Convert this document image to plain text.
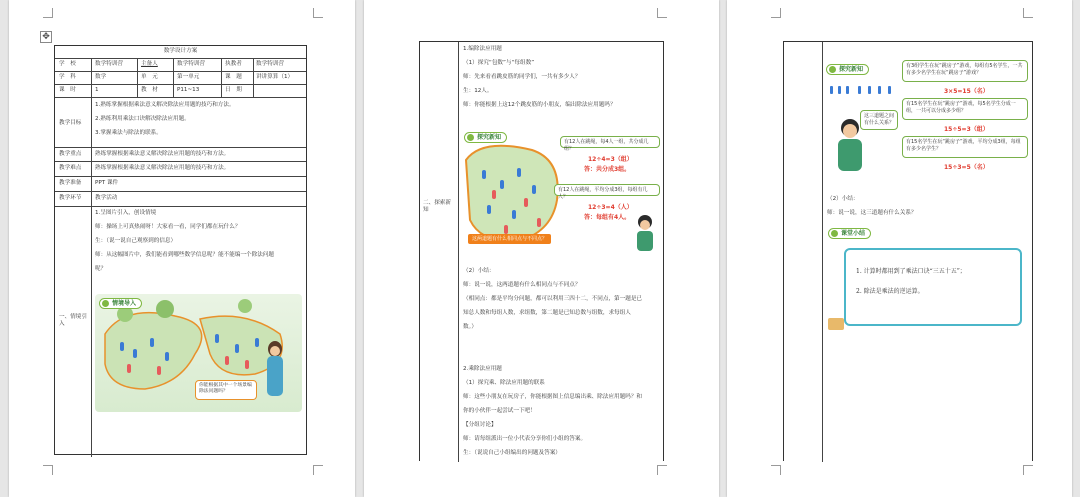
✥
数学设计方案
学　校	数学特训营	主备人	数学特训营	执教者	数学特训营
学　科	数学	单　元	第一单元	课　题	讲讲算算（1）
课　时	1	教　材	P11~13	日　期
教学目标
1.熟练掌握根据乘法意义解决除法应用题的技巧和方法。
2.熟练利用乘法口诀解决除法应用题。
3.掌握乘法与除法的联系。
教学重点 熟练掌握根据乘法意义解决除法应用题的技巧和方法。
教学难点 熟练掌握根据乘法意义解决除法应用题的技巧和方法。
教学准备 PPT 课件
教学环节 教学活动
一、情境引入
1.呈图片引入，创设情境
师：操场上可真热闹呀！大家看一看，同学们都在玩什么？
生：（说一说自己观察到的信息）
师：从这幅图片中，我们能看到哪些数学信息呢？能不能编一个除法问题
呢？
情境导入
你能根据其中一个场景编除法问题吗？
1.编除法应用题
（1）探究“包数”与“每组数”
师：先来看看跳皮筋的同学们，一共有多少人？
生：12人。
师：你能根据上这12个跳皮筋的小朋友，编出除法应用题吗？
二、探索新知
探究新知
有12人在跳绳，每4人一组，共分成几组？
12÷4=3（组）
答：共分成3组。
有12人在跳绳，平均分成3组，每组有几人？
12÷3=4（人）
答：每组有4人。
这两道题有什么相同点与不同点？
（2）小结：
师：说一说，这两道题有什么相同点与不同点？
（相同点：都是平均分问题，都可以利用三四十二，不同点，第一题是已
知总人数和每组人数，求组数，第二题是已知总数与组数，求每组人
数。）
2.乘除法应用题
（1）探究乘、除法应用题的联系
师：这些小朋友在玩房子，你能根据图上信息编出乘、除法应用题吗？和
你的小伙伴一起尝试一下吧！
【分组讨论】
师：请每组派出一位小代表分享你们小组的答案。
生：（说说自己小组编出的问题及答案）
探究新知	有3组学生在玩“跳房子”游戏，每组有5名学生，一共有多少名学生在玩“跳房子”游戏？
3×5=15（名）
有15名学生在玩“跳房子”游戏，每5名学生分成一组，一共可以分成多少组？
15÷5=3（组）
这三道题之间有什么关系？
有15名学生在玩“跳房子”游戏，平均分成3组，每组有多少名学生？
15÷3=5（名）
（2）小结：
师：说一说，这三道题有什么关系？
课堂小结
1. 计算时都用到了乘法口诀“三五十五”；
2. 除法是乘法的逆运算。
